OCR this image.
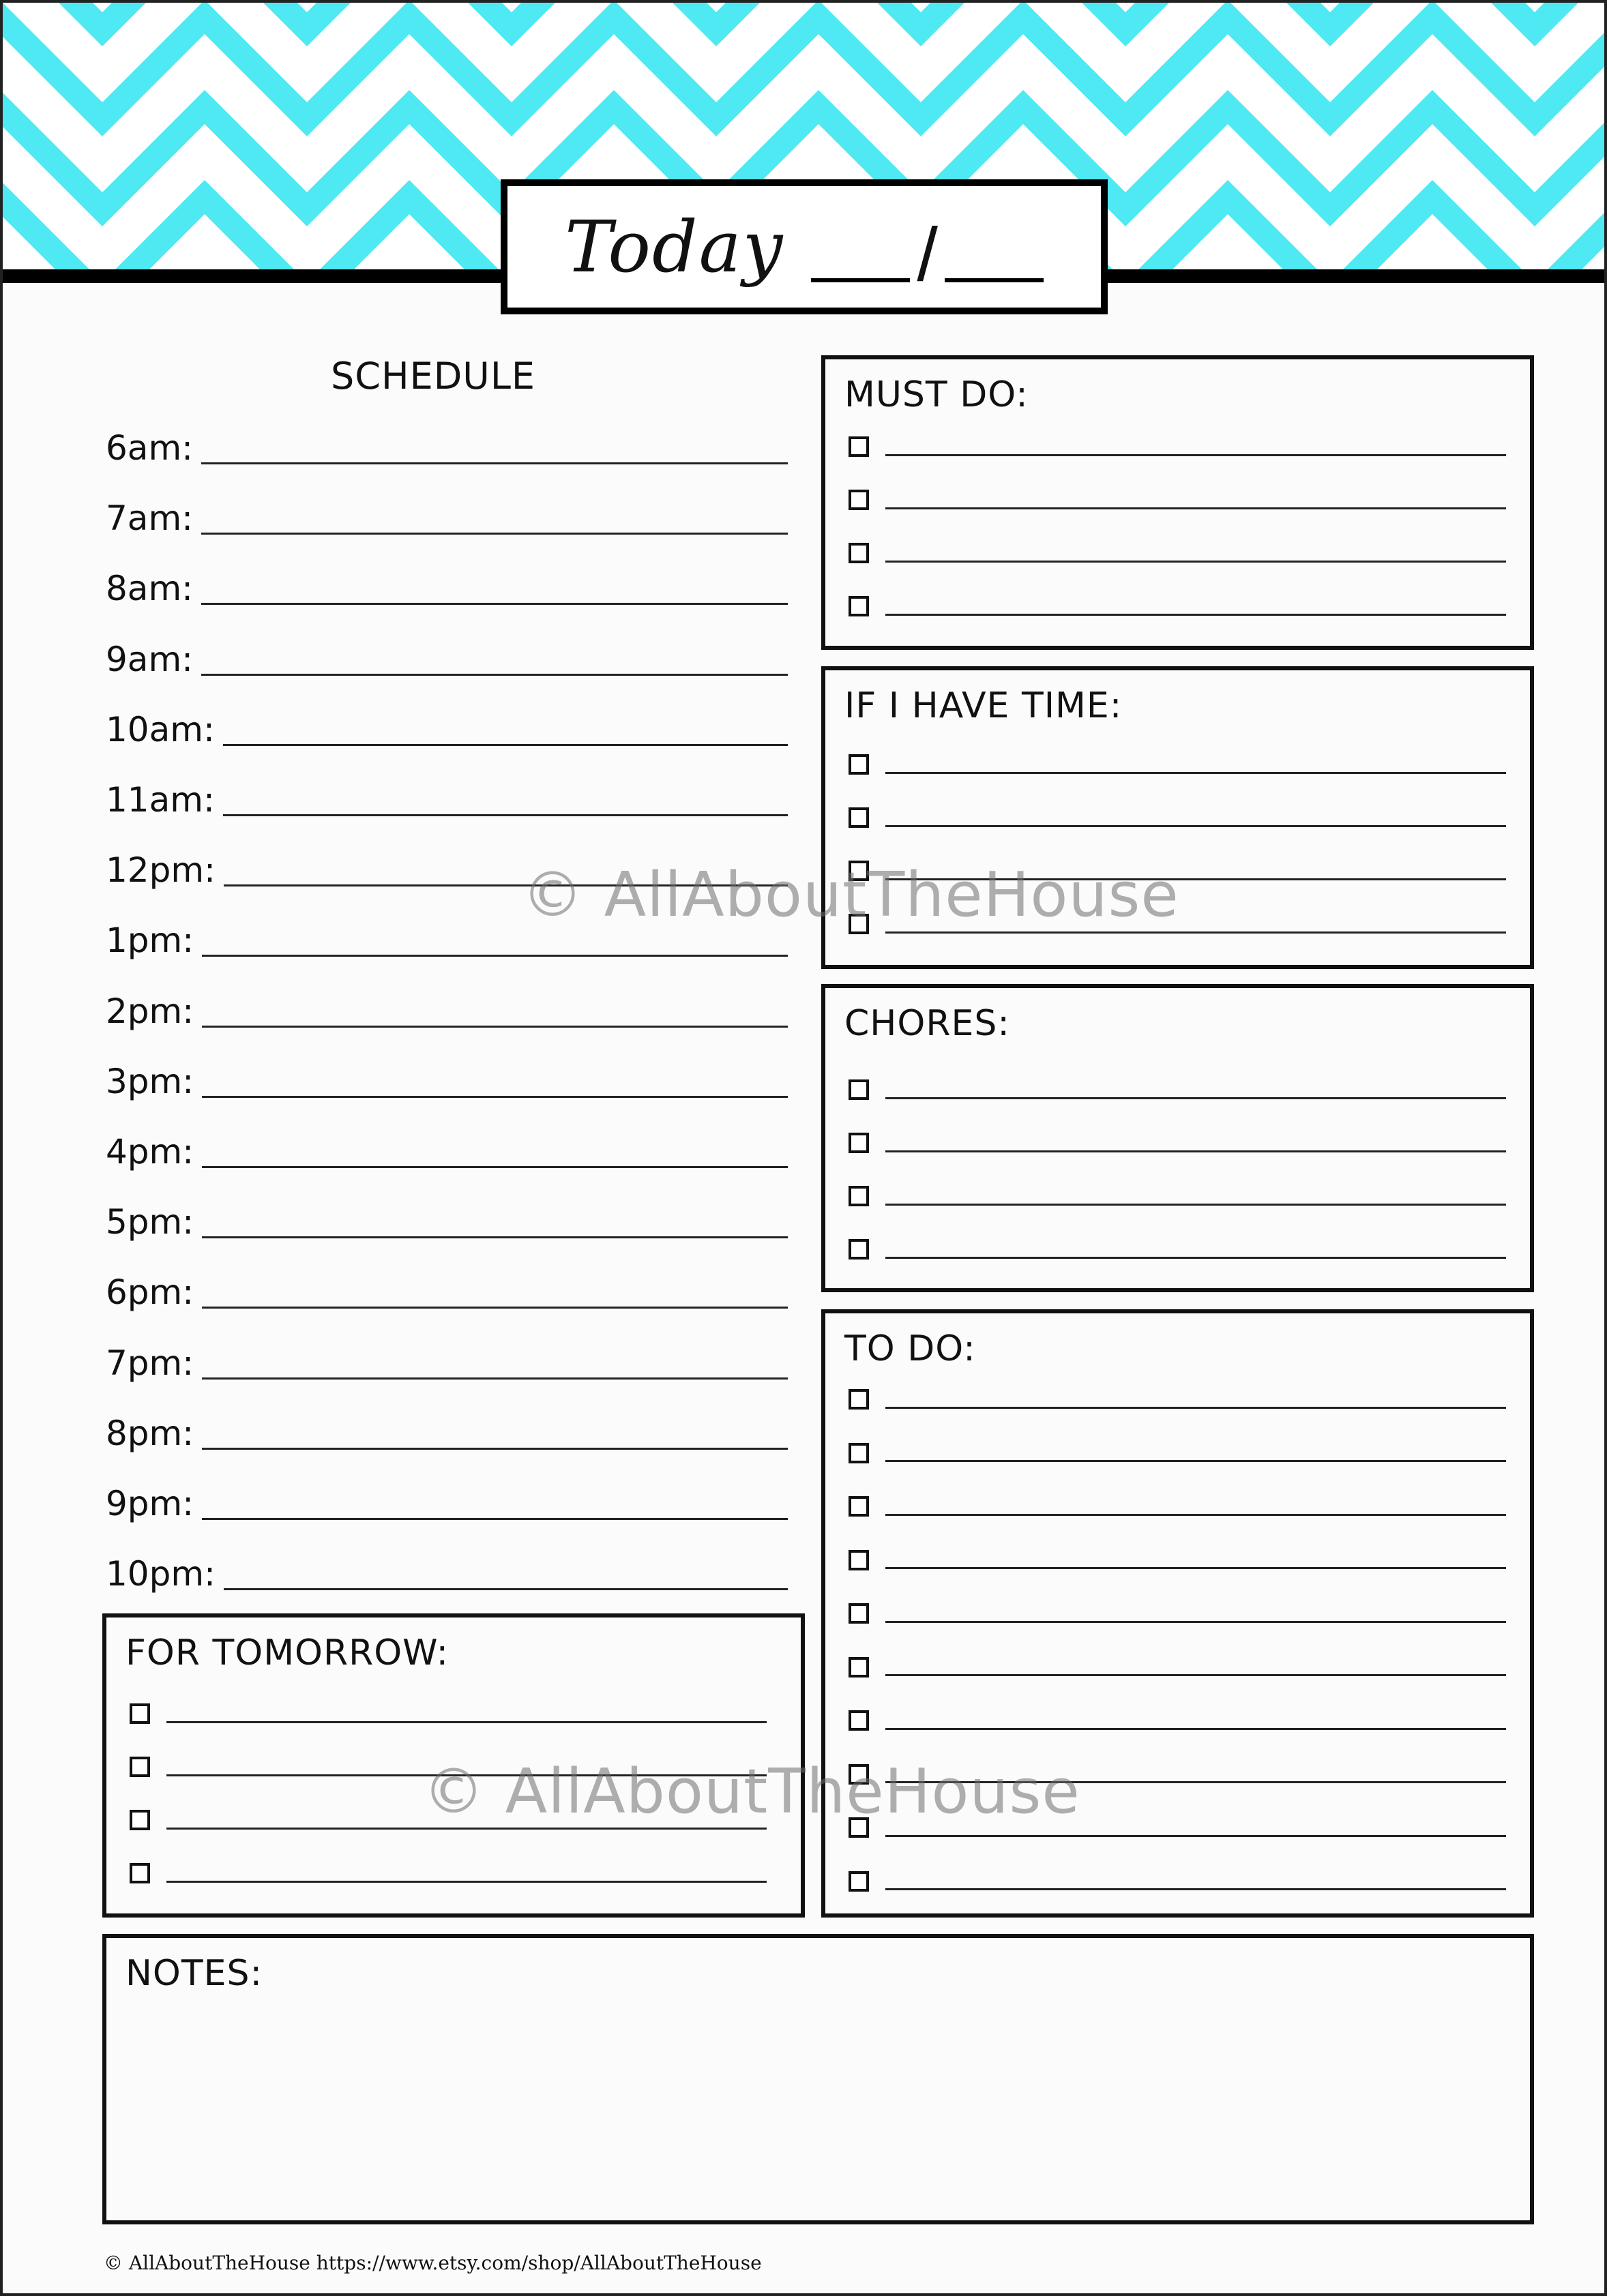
Today /
SCHEDULE
6am:
7am:
8am:
9am:
10am:
11am:
12pm:
1pm:
2pm:
3pm:
4pm:
5pm:
6pm:
7pm:
8pm:
9pm:
10pm:
MUST DO:
IF I HAVE TIME:
CHORES:
TO DO:
FOR TOMORROW:
NOTES:
© AllAboutTheHouse
© AllAboutTheHouse
© AllAboutTheHouse https://www.etsy.com/shop/AllAboutTheHouse
